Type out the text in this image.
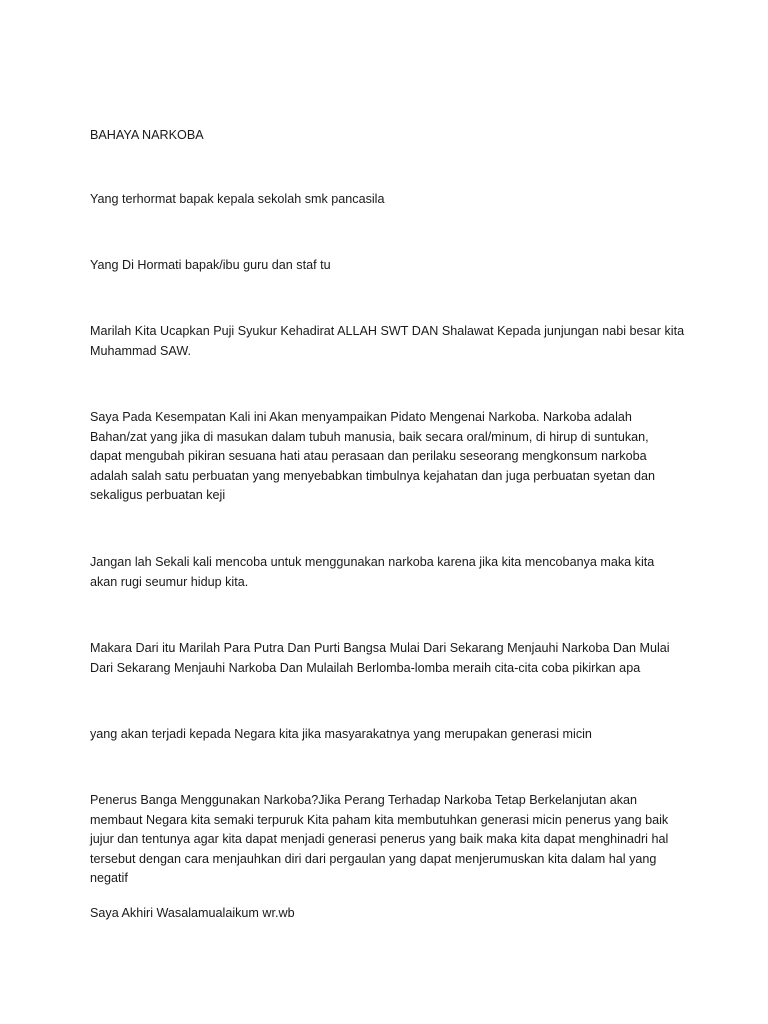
BAHAYA NARKOBA

Yang terhormat bapak kepala sekolah smk pancasila

Yang Di Hormati bapak/ibu guru dan staf tu

Marilah Kita Ucapkan Puji Syukur Kehadirat ALLAH SWT DAN Shalawat Kepada junjungan nabi besar kita
Muhammad SAW.

Saya Pada Kesempatan Kali ini Akan menyampaikan Pidato Mengenai Narkoba. Narkoba adalah
Bahan/zat yang jika di masukan dalam tubuh manusia, baik secara oral/minum, di hirup di suntukan,
dapat mengubah pikiran sesuana hati atau perasaan dan perilaku seseorang mengkonsum narkoba
adalah salah satu perbuatan yang menyebabkan timbulnya kejahatan dan juga perbuatan syetan dan
sekaligus perbuatan keji

Jangan lah Sekali kali mencoba untuk menggunakan narkoba karena jika kita mencobanya maka kita
akan rugi seumur hidup kita.

Makara Dari itu Marilah Para Putra Dan Purti Bangsa Mulai Dari Sekarang Menjauhi Narkoba Dan Mulai
Dari Sekarang Menjauhi Narkoba Dan Mulailah Berlomba-lomba meraih cita-cita coba pikirkan apa

yang akan terjadi kepada Negara kita jika masyarakatnya yang merupakan generasi micin

Penerus Banga Menggunakan Narkoba?Jika Perang Terhadap Narkoba Tetap Berkelanjutan akan
membaut Negara kita semaki terpuruk Kita paham kita membutuhkan generasi micin penerus yang baik
jujur dan tentunya agar kita dapat menjadi generasi penerus yang baik maka kita dapat menghinadri hal
tersebut dengan cara menjauhkan diri dari pergaulan yang dapat menjerumuskan kita dalam hal yang
negatif

Saya Akhiri Wasalamualaikum wr.wb
